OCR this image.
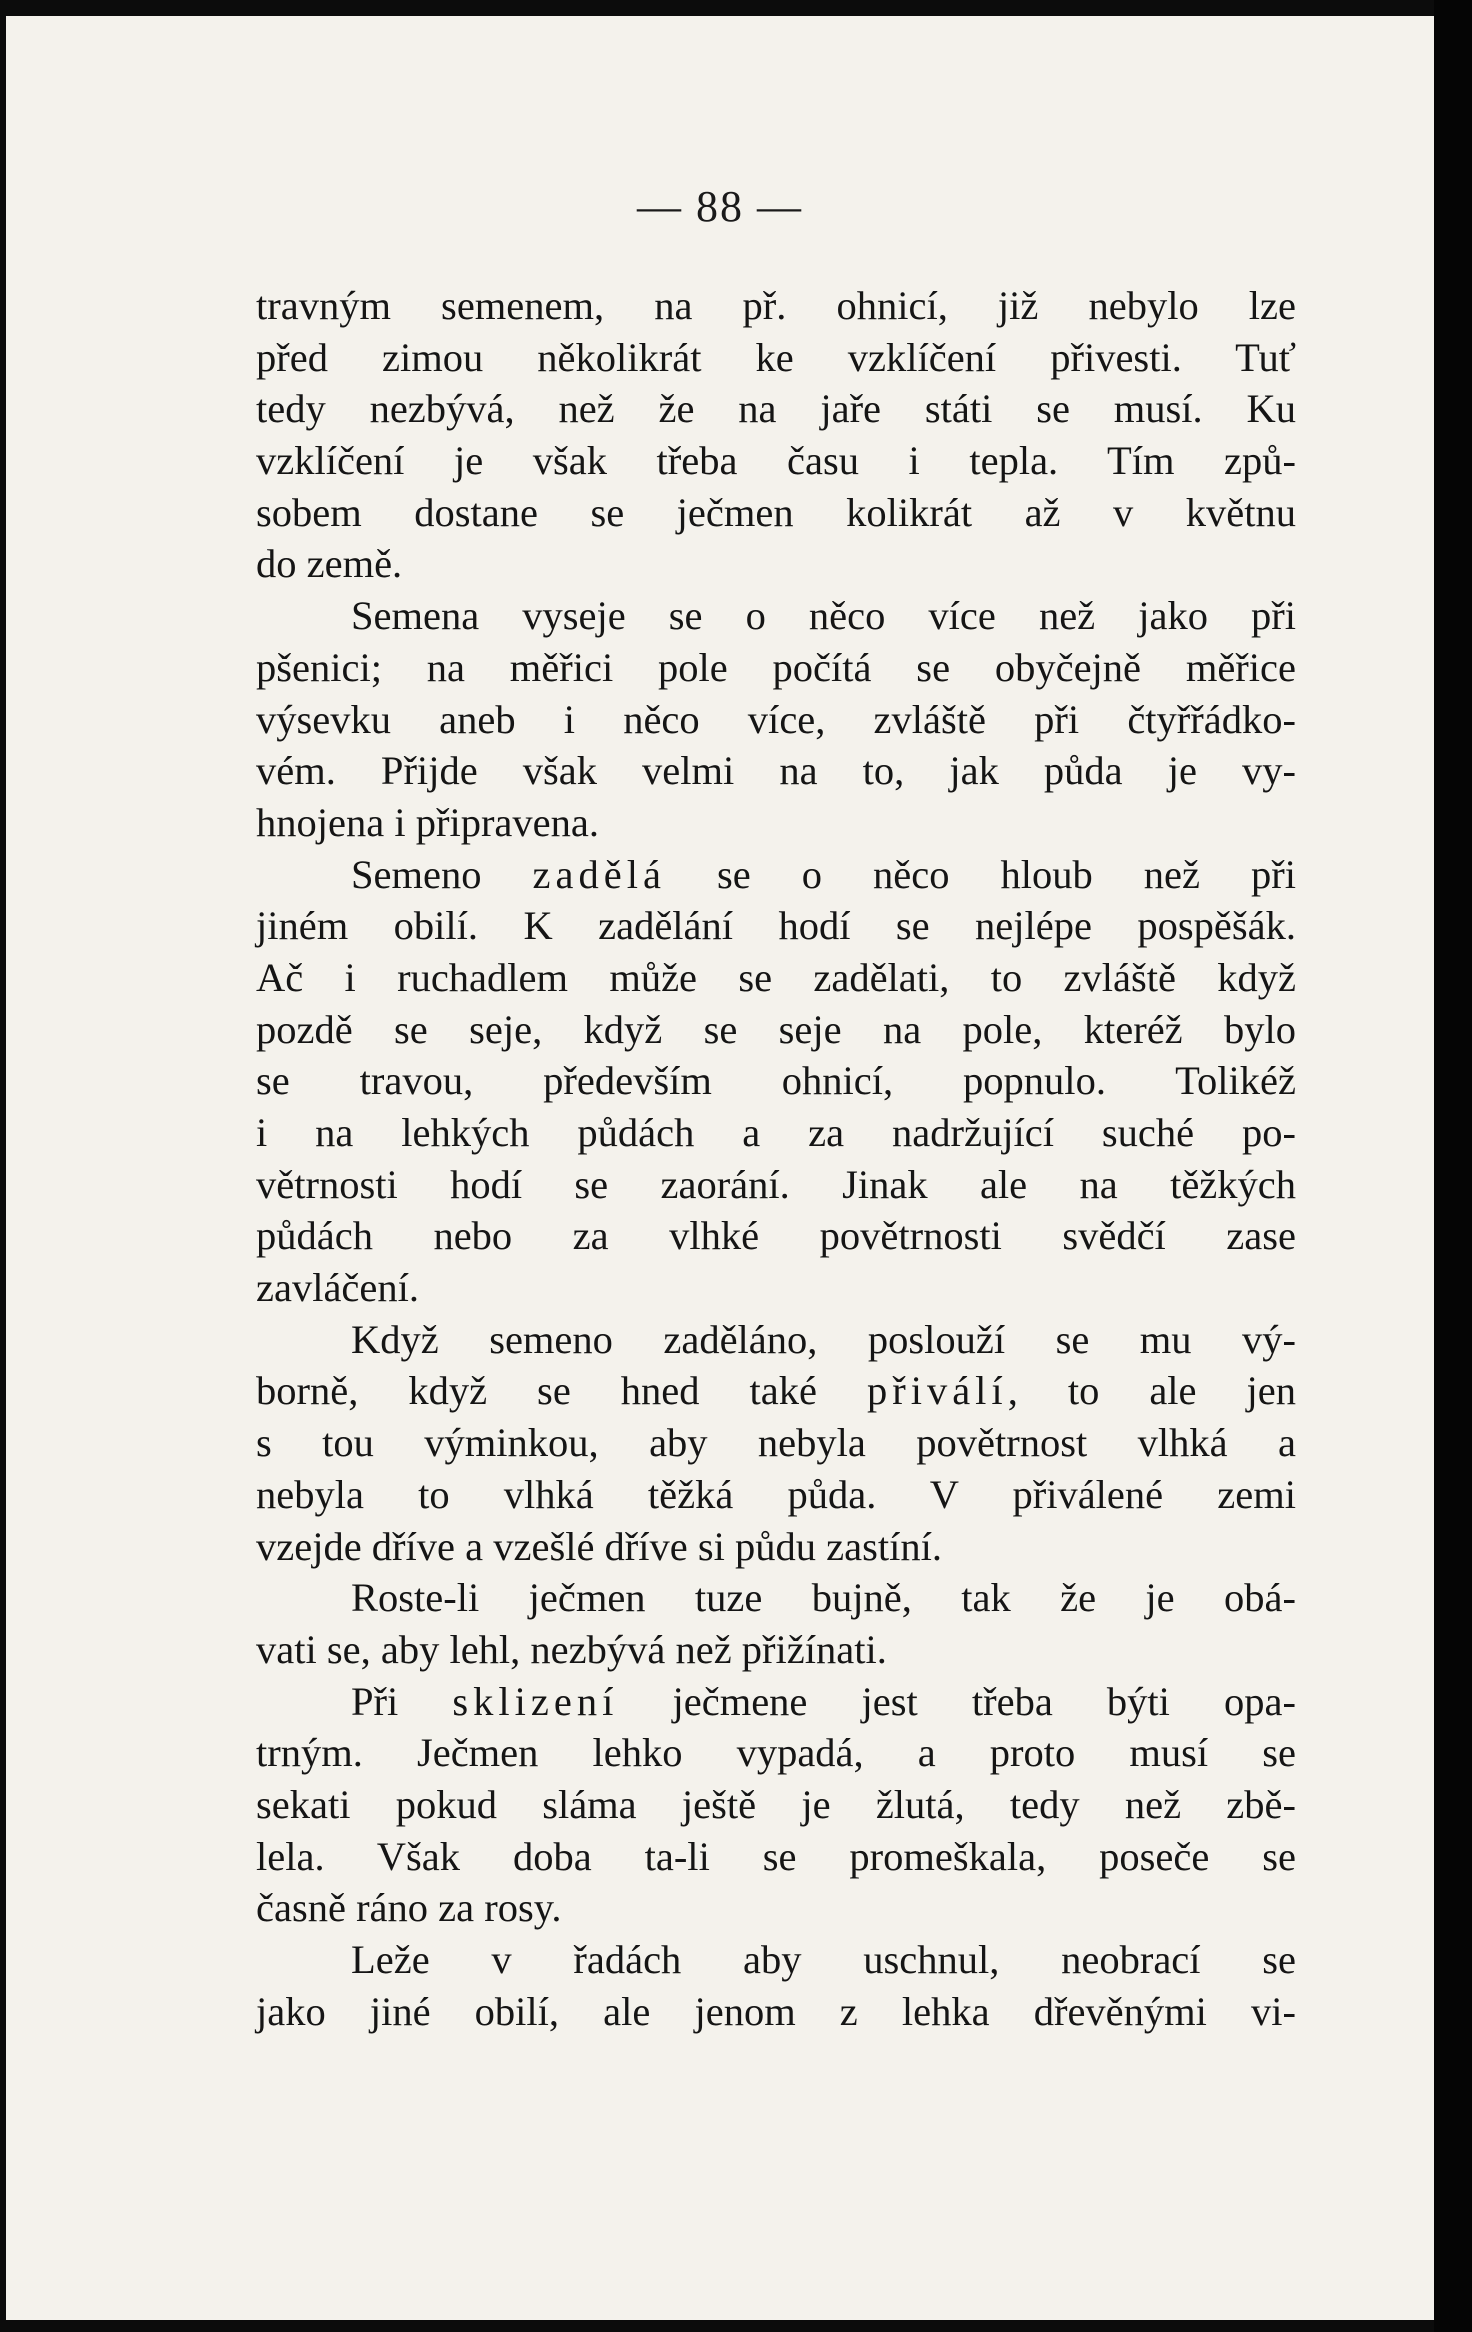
— 88 —
travným semenem, na př. ohnicí, již nebylo lze
před zimou několikrát ke vzklíčení přivesti. Tuť
tedy nezbývá, než že na jaře státi se musí. Ku
vzklíčení je však třeba času i tepla. Tím způ-
sobem dostane se ječmen kolikrát až v květnu
do země.
Semena vyseje se o něco více než jako při
pšenici; na měřici pole počítá se obyčejně měřice
výsevku aneb i něco více, zvláště při čtyřřádko-
vém. Přijde však velmi na to, jak půda je vy-
hnojena i připravena.
Semeno zadělá se o něco hloub než při
jiném obilí. K zadělání hodí se nejlépe pospěšák.
Ač i ruchadlem může se zadělati, to zvláště když
pozdě se seje, když se seje na pole, kteréž bylo
se travou, především ohnicí, popnulo. Tolikéž
i na lehkých půdách a za nadržující suché po-
větrnosti hodí se zaorání. Jinak ale na těžkých
půdách nebo za vlhké povětrnosti svědčí zase
zavláčení.
Když semeno zaděláno, poslouží se mu vý-
borně, když se hned také přiválí, to ale jen
s tou výminkou, aby nebyla povětrnost vlhká a
nebyla to vlhká těžká půda. V přiválené zemi
vzejde dříve a vzešlé dříve si půdu zastíní.
Roste-li ječmen tuze bujně, tak že je obá-
vati se, aby lehl, nezbývá než přižínati.
Při sklizení ječmene jest třeba býti opa-
trným. Ječmen lehko vypadá, a proto musí se
sekati pokud sláma ještě je žlutá, tedy než zbě-
lela. Však doba ta-li se promeškala, poseče se
časně ráno za rosy.
Leže v řadách aby uschnul, neobrací se
jako jiné obilí, ale jenom z lehka dřevěnými vi-
